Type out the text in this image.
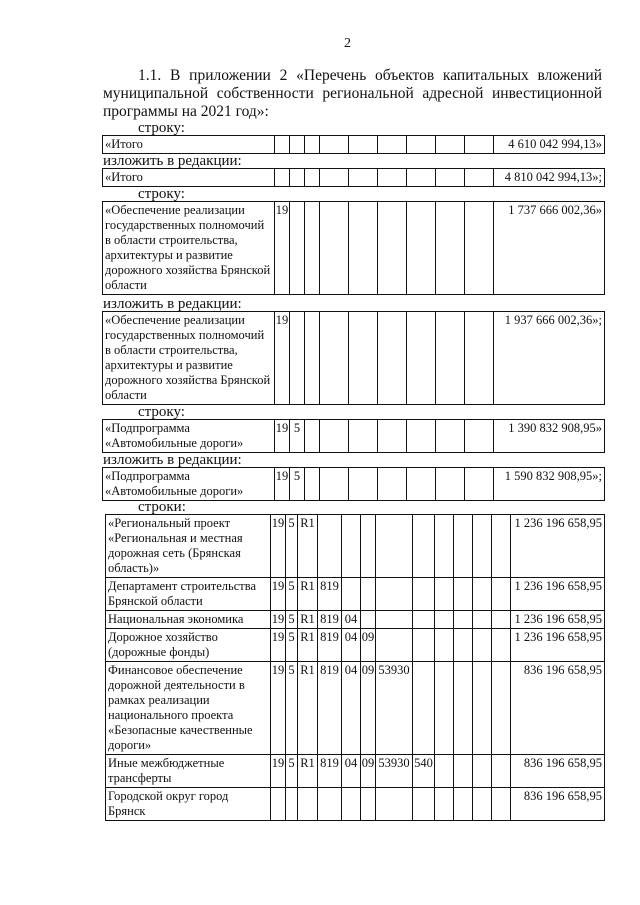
2
1.1. В приложении 2 «Перечень объектов капитальных вложений
муниципальной собственности региональной адресной инвестиционной
программы на 2021 год»:
строку:
«Итого										4 610 042 994,13»
изложить в редакции:
«Итого										4 810 042 994,13»;
строку:
«Обеспечение реализации государственных полномочий в области строительства, архитектуры и развитие дорожного хозяйства Брянской области	19									1 737 666 002,36»
изложить в редакции:
«Обеспечение реализации государственных полномочий в области строительства, архитектуры и развитие дорожного хозяйства Брянской области	19									1 937 666 002,36»;
строку:
«Подпрограмма «Автомобильные дороги»	19	5								1 390 832 908,95»
изложить в редакции:
«Подпрограмма «Автомобильные дороги»	19	5								1 590 832 908,95»;
строки:
«Региональный проект «Региональная и местная дорожная сеть (Брянская область)»	19	5	R1										1 236 196 658,95
Департамент строительства Брянской области	19	5	R1	819									1 236 196 658,95
Национальная экономика	19	5	R1	819	04								1 236 196 658,95
Дорожное хозяйство (дорожные фонды)	19	5	R1	819	04	09							1 236 196 658,95
Финансовое обеспечение дорожной деятельности в рамках реализации национального проекта «Безопасные качественные дороги»	19	5	R1	819	04	09	53930						836 196 658,95
Иные межбюджетные трансферты	19	5	R1	819	04	09	53930	540					836 196 658,95
Городской округ город Брянск													836 196 658,95
